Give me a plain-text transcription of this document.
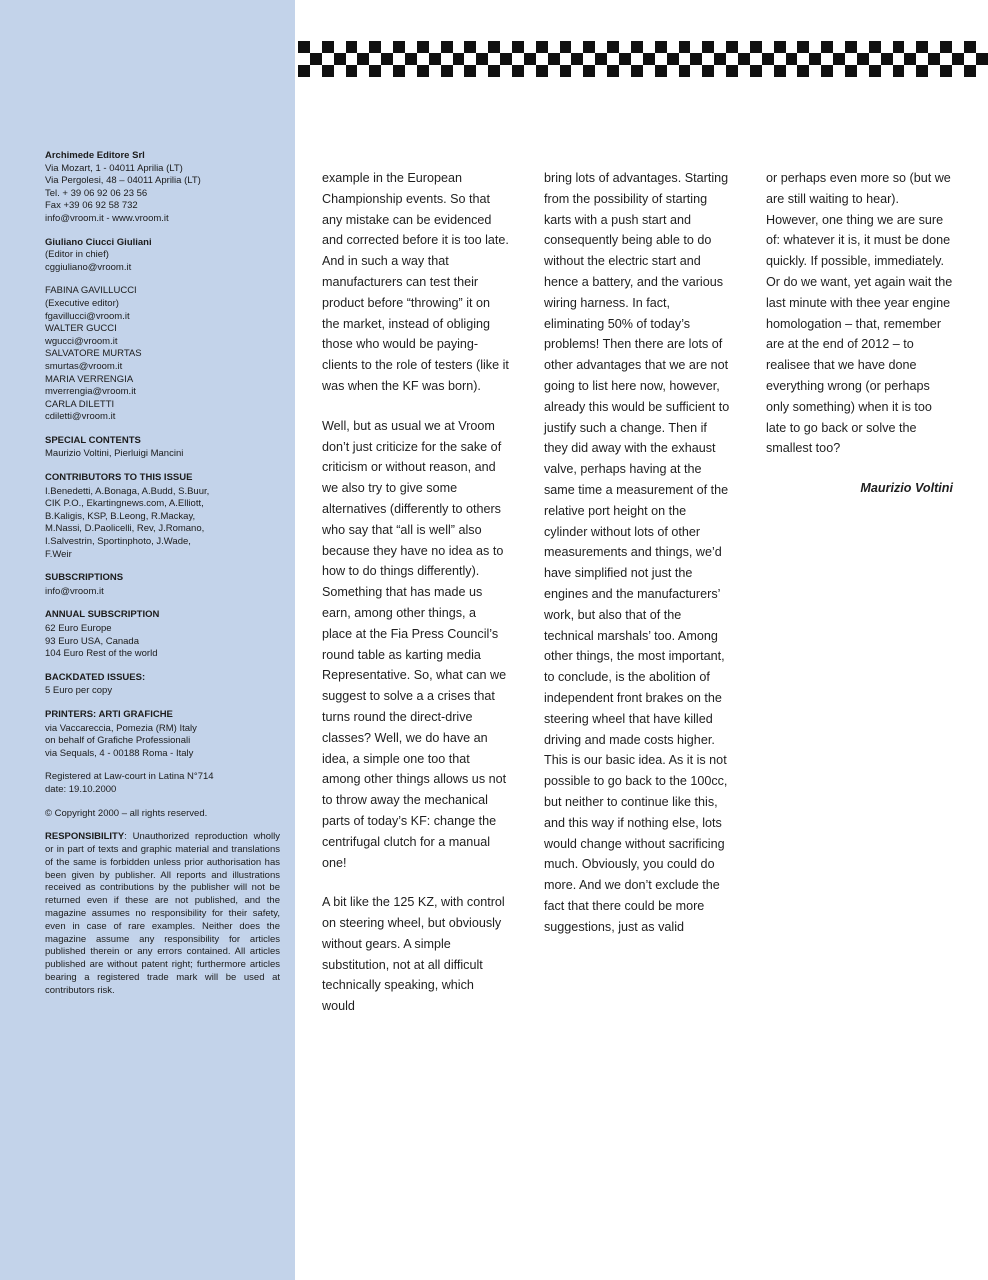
Archimede Editore Srl
Via Mozart, 1 - 04011 Aprilia (LT)
Via Pergolesi, 48 – 04011 Aprilia (LT)
Tel. + 39 06 92 06 23 56
Fax +39 06 92 58 732
info@vroom.it - www.vroom.it
Giuliano Ciucci Giuliani
(Editor in chief)
cggiuliano@vroom.it
FABINA GAVILLUCCI
(Executive editor)
fgavillucci@vroom.it
WALTER GUCCI
wgucci@vroom.it
SALVATORE MURTAS
smurtas@vroom.it
MARIA VERRENGIA
mverrengia@vroom.it
CARLA DILETTI
cdiletti@vroom.it
SPECIAL CONTENTS
Maurizio Voltini, Pierluigi Mancini
CONTRIBUTORS TO THIS ISSUE
I.Benedetti, A.Bonaga, A.Budd, S.Buur,
CIK P.O., Ekartingnews.com, A.Elliott,
B.Kaligis, KSP, B.Leong, R.Mackay,
M.Nassi, D.Paolicelli, Rev, J.Romano,
I.Salvestrin, Sportinphoto, J.Wade,
F.Weir
SUBSCRIPTIONS
info@vroom.it
ANNUAL SUBSCRIPTION
62 Euro Europe
93 Euro USA, Canada
104 Euro Rest of the world
BACKDATED ISSUES:
5 Euro per copy
PRINTERS: ARTI GRAFICHE
via Vaccareccia, Pomezia (RM) Italy
on behalf of Grafiche Professionali
via Sequals, 4 - 00188 Roma - Italy
Registered at Law-court in Latina N°714
date: 19.10.2000
© Copyright 2000 – all rights reserved.
RESPONSIBILITY: Unauthorized reproduction wholly or in part of texts and graphic material and translations of the same is forbidden unless prior authorisation has been given by publisher. All reports and illustrations received as contributions by the publisher will not be returned even if these are not published, and the magazine assumes no responsibility for their safety, even in case of rare examples. Neither does the magazine assume any responsibility for articles published therein or any errors contained. All articles published are without patent right; furthermore articles bearing a registered trade mark will be used at contributors risk.

example in the European Championship events. So that any mistake can be evidenced and corrected before it is too late. And in such a way that manufacturers can test their product before “throwing” it on the market, instead of obliging those who would be paying-clients to the role of testers (like it was when the KF was born).

Well, but as usual we at Vroom don’t just criticize for the sake of criticism or without reason, and we also try to give some alternatives (differently to others who say that “all is well” also because they have no idea as to how to do things differently). Something that has made us earn, among other things, a place at the Fia Press Council’s round table as karting media Representative. So, what can we suggest to solve a a crises that turns round the direct-drive classes? Well, we do have an idea, a simple one too that among other things allows us not to throw away the mechanical parts of today’s KF: change the centrifugal clutch for a manual one!

A bit like the 125 KZ, with control on steering wheel, but obviously without gears. A simple substitution, not at all difficult technically speaking, which would

bring lots of advantages. Starting from the possibility of starting karts with a push start and consequently being able to do without the electric start and hence a battery, and the various wiring harness. In fact, eliminating 50% of today’s problems! Then there are lots of other advantages that we are not going to list here now, however, already this would be sufficient to justify such a change. Then if they did away with the exhaust valve, perhaps having at the same time a measurement of the relative port height on the cylinder without lots of other measurements and things, we’d have simplified not just the engines and the manufacturers’ work, but also that of the technical marshals’ too. Among other things, the most important, to conclude, is the abolition of independent front brakes on the steering wheel that have killed driving and made costs higher. This is our basic idea. As it is not possible to go back to the 100cc, but neither to continue like this, and this way if nothing else, lots would change without sacrificing much. Obviously, you could do more. And we don’t exclude the fact that there could be more suggestions, just as valid

or perhaps even more so (but we are still waiting to hear). However, one thing we are sure of: whatever it is, it must be done quickly. If possible, immediately. Or do we want, yet again wait the last minute with thee year engine homologation – that, remember are at the end of 2012 – to realisee that we have done everything wrong (or perhaps only something) when it is too late to go back or solve the smallest too?

Maurizio Voltini
